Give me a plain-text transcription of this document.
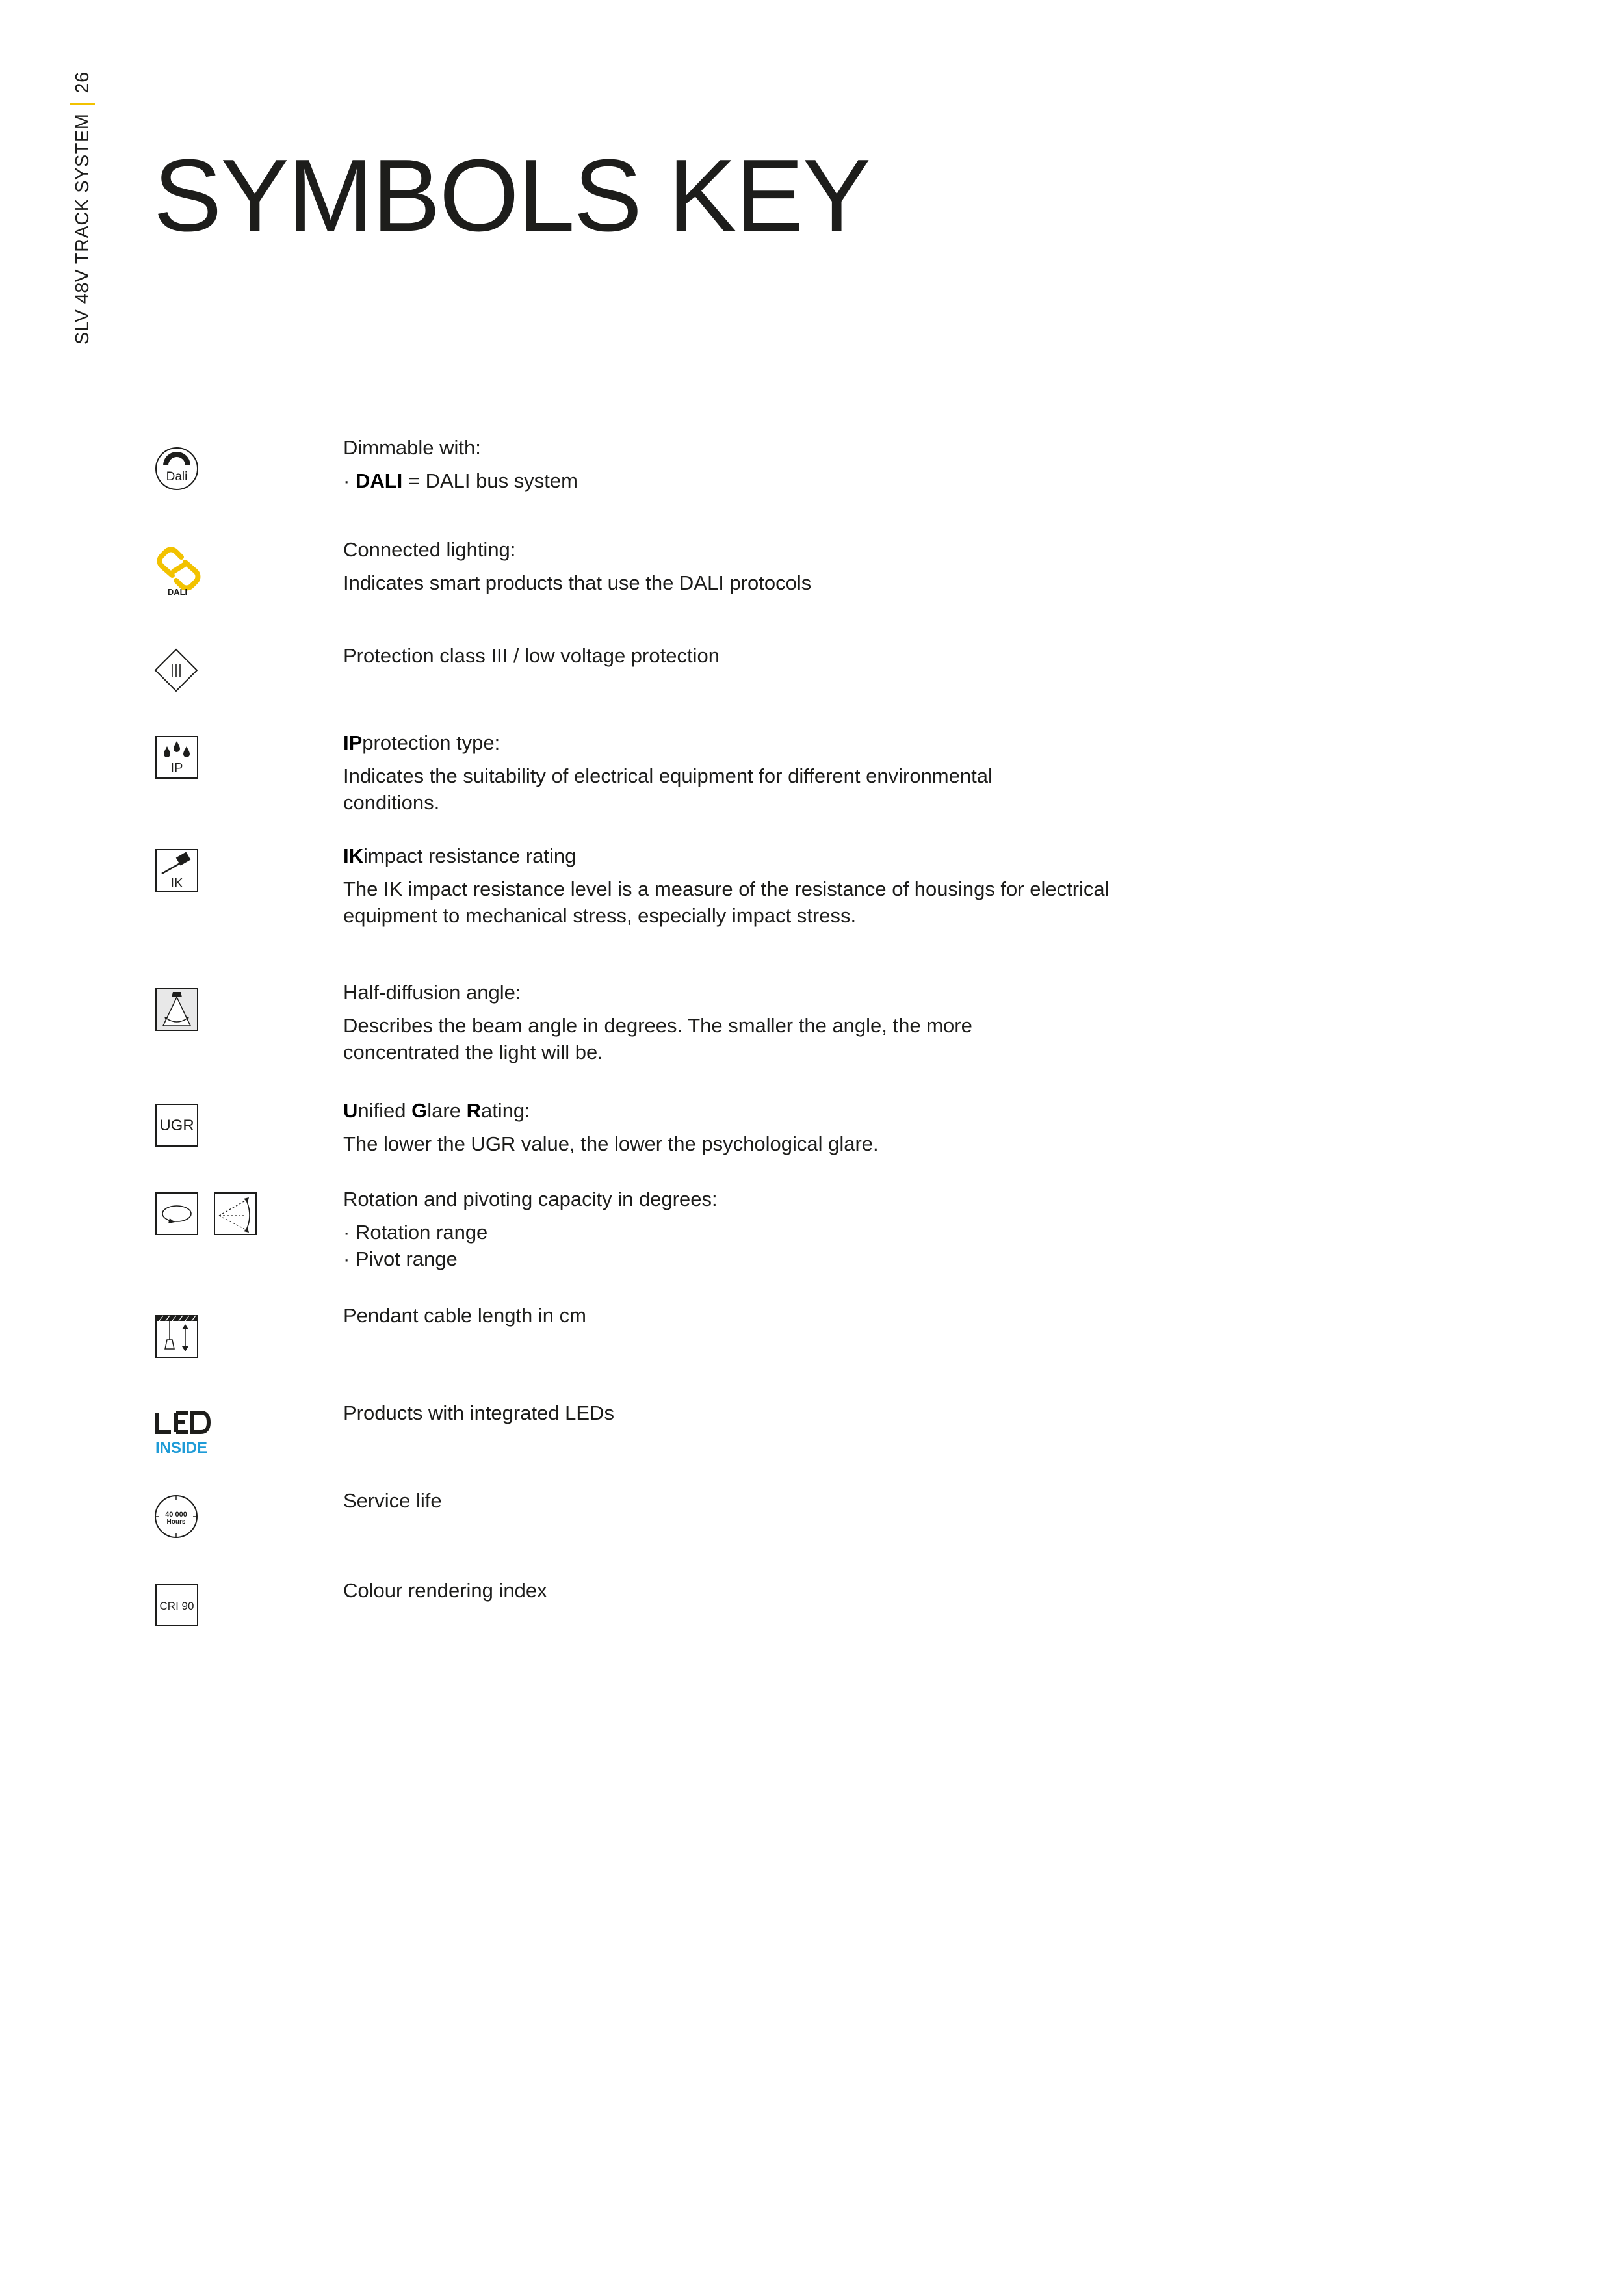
SLV 48V TRACK SYSTEM
26
SYMBOLS KEY
Dali

Dimmable with:

· DALI = DALI bus system

DALI

Connected lighting:

Indicates smart products that use the DALI protocols

Protection class III / low voltage protection

IP

IPprotection type:

Indicates the suitability of electrical equipment for different environmental

conditions.

IK

IKimpact resistance rating

The IK impact resistance level is a measure of the resistance of housings for electrical

equipment to mechanical stress, especially impact stress.

Half-diffusion angle:

Describes the beam angle in degrees. The smaller the angle, the more

concentrated the light will be.

UGR

Unified Glare Rating:

The lower the UGR value, the lower the psychological glare.

Rotation and pivoting capacity in degrees:

· Rotation range

· Pivot range

Pendant cable length in cm

INSIDE

Products with integrated LEDs

40 000
Hours

Service life

CRI 90

Colour rendering index
